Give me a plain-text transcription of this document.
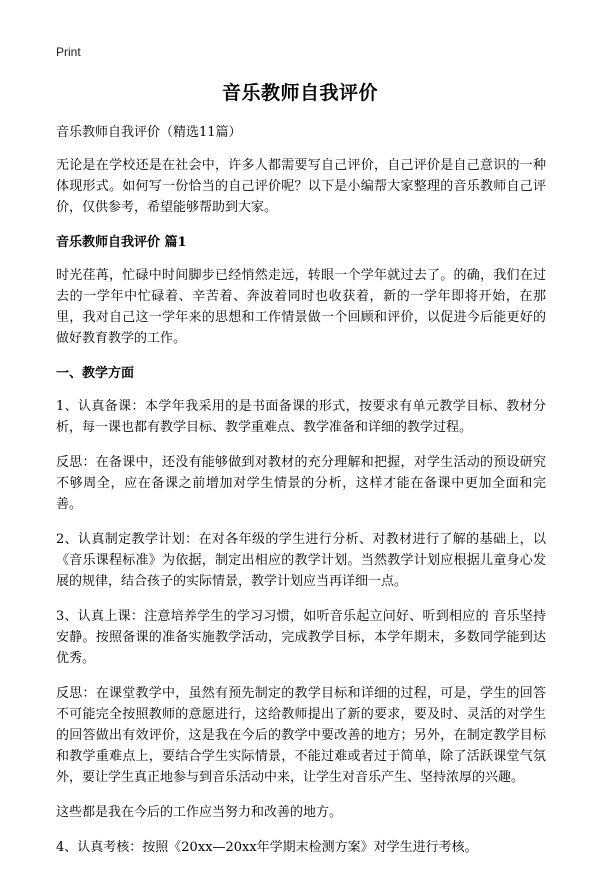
Print
音乐教师自我评价

音乐教师自我评价（精选11篇）

无论是在学校还是在社会中，许多人都需要写自己评价，自己评价是自己意识的一种体现形式。如何写一份恰当的自己评价呢？以下是小编帮大家整理的音乐教师自己评价，仅供参考，希望能够帮助到大家。

音乐教师自我评价 篇1

时光荏苒，忙碌中时间脚步已经悄然走远，转眼一个学年就过去了。的确，我们在过去的一学年中忙碌着、辛苦着、奔波着同时也收获着，新的一学年即将开始，在那里，我对自己这一学年来的思想和工作情景做一个回顾和评价，以促进今后能更好的做好教育教学的工作。

一、教学方面

1、认真备课：本学年我采用的是书面备课的形式，按要求有单元教学目标、教材分析，每一课也都有教学目标、教学重难点、教学准备和详细的教学过程。

反思：在备课中，还没有能够做到对教材的充分理解和把握，对学生活动的预设研究不够周全，应在备课之前增加对学生情景的分析，这样才能在备课中更加全面和完善。

2、认真制定教学计划：在对各年级的学生进行分析、对教材进行了解的基础上，以《音乐课程标准》为依据，制定出相应的教学计划。当然教学计划应根据儿童身心发展的规律，结合孩子的实际情景，教学计划应当再详细一点。

3、认真上课：注意培养学生的学习习惯，如听音乐起立问好、听到相应的 音乐坚持安静。按照备课的准备实施教学活动，完成教学目标，本学年期末，多数同学能到达优秀。

反思：在课堂教学中，虽然有预先制定的教学目标和详细的过程，可是，学生的回答不可能完全按照教师的意愿进行，这给教师提出了新的要求，要及时、灵活的对学生的回答做出有效评价，这是我在今后的教学中要改善的地方；另外，在制定教学目标和教学重难点上，要结合学生实际情景，不能过难或者过于简单，除了活跃课堂气氛外，要让学生真正地参与到音乐活动中来，让学生对音乐产生、坚持浓厚的兴趣。

这些都是我在今后的工作应当努力和改善的地方。

4、认真考核：按照《20xx—20xx年学期末检测方案》对学生进行考核。
